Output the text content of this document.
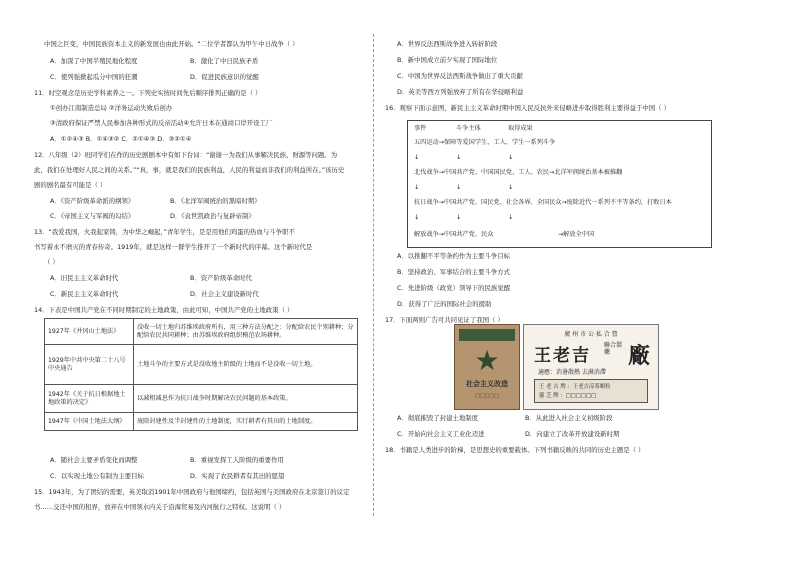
中国之巨变，中国民族资本主义的新发展也由此开始。“二位学者都认为甲午中日战争（ ）
A．加深了中国半殖民地化程度	B．激化了中日民族矛盾
C．使列强掀起瓜分中国的狂潮	D．促进民族意识的觉醒
11．时空观念是历史学科素养之一。下列史实按时间先后顺序排列正确的是（ ）
①创办江南制造总局 ②洋务运动失败后创办
③清政府保证严禁人民参加各种形式的反帝活动④允许日本在通商口岸开设工厂
A．①②④③ B．①④③② C．②①④③ D．③②①④
12．八年级（2）班同学们在作的历史剧剧本中有如下台词：“谢谢一为我们从事解决民族、财源等问题。为
此，我们在处理好人民之间的关系。”“真，事，就是我们的民族利益，人民的利益而非我们的利益所在。”该历史
剧的剧名最有可能是（ ）
A．《资产阶级革命派的纲领》	B．《北洋军阀统治的黑暗时期》
C．《帝国主义与军阀的勾结》	D．《袁世凯政治与复辟帝制》
13．“我爱我国，火我起家铸，为中华之崛起，”青年学生，是是用他们鸡蛋的热血与斗争职不
书写着永不磨灭的青春传奇。1919年，就是这样一群学生推开了一个新时代的序幕。这个新时代是
（ ）
A．旧民主主义革命时代	B．资产阶级革命时代
C．新民主主义革命时代	D．社会主义建设新时代
14．下表是中国共产党在不同时期制定的土地政策，由此可知，中国共产党的土地政策（ ）
1927年《井冈山土地法》	没收一切土地归苏维埃政府所有，用三种方法分配之：分配给农民个别耕种；分配给农民共同耕种；由苏维埃政府组织模范农场耕种。
1929年中共中央第二十八号中央通告	土地斗争的主要方式是没收地主阶级的土地而不是没收一切土地。
1942年《关于抗日根据地土地政策的决定》	以减租减息作为抗日战争时期解决农民问题的基本政策。
1947年《中国土地法大纲》	废除封建性及半封建性的土地制度，实行耕者有其田的土地制度。
A．随社会主要矛盾变化而调整	B．重视发挥工人阶级的重要作用
C．以实现土地公有制为主要目标	D．实现了农民耕者有其田的愿望
15．1943年，为了团结的需要，英美取消1901年中国政府与他国缔约，包括英国与美国政府在北京签订的议定
书……交还中国的租界，放弃在中国领水内关于沿海贸易及内河航行之特权。这说明（ ）
A．世界反法西斯战争进入转折阶段
B．新中国成立前夕实现了国际地位
C．中国为世界反法西斯战争做出了重大贡献
D．英美等西方列强放弃了所有在华侵略利益
16．观察下面示意图，新民主主义革命时期中国人民反抗外来侵略进步取得胜利主要得益于中国（ ）
事件	斗争主体	取得成果
五四运动→保障等爱国学生、工人、学生一系列斗争
↓	↓	↓
北伐战争→中国共产党、中国国民党、工人、农民→北洋军阀统治基本被推翻
↓	↓	↓
抗日战争→中国共产党、国民党、社会各界、全国民众→废除近代一系列不平等条约，打败日本
↓	↓	↓
解放战争→中国共产党、民众	→解放全中国
A．以推翻不平等条约作为主要斗争目标
B．坚持政治、军事结合的主要斗争方式
C．先进阶级（政党）领导下的民族觉醒
D．获得了广泛的国际社会的援助
17．下面两则广告可共同见证了我国（ ）
★
社会主义改造
□□□□□
廣 州 市 公 私 合 營
王老吉
聯合製藥 廠
適應：消暑散熱 去濕消滯
王 老 吉 牌 ：王老吉涼茶顆粒
靈 芝 牌 ：□□□□□□
A．彻底摧毁了封建土地制度	B．从此进入社会主义初级阶段
C．开始向社会主义工业化迈进	D．向建立了改革开放建设新时期
18．书籍是人类进步的阶梯，是思想史的重要载体。下列书籍反映的共同的历史主题是（ ）
